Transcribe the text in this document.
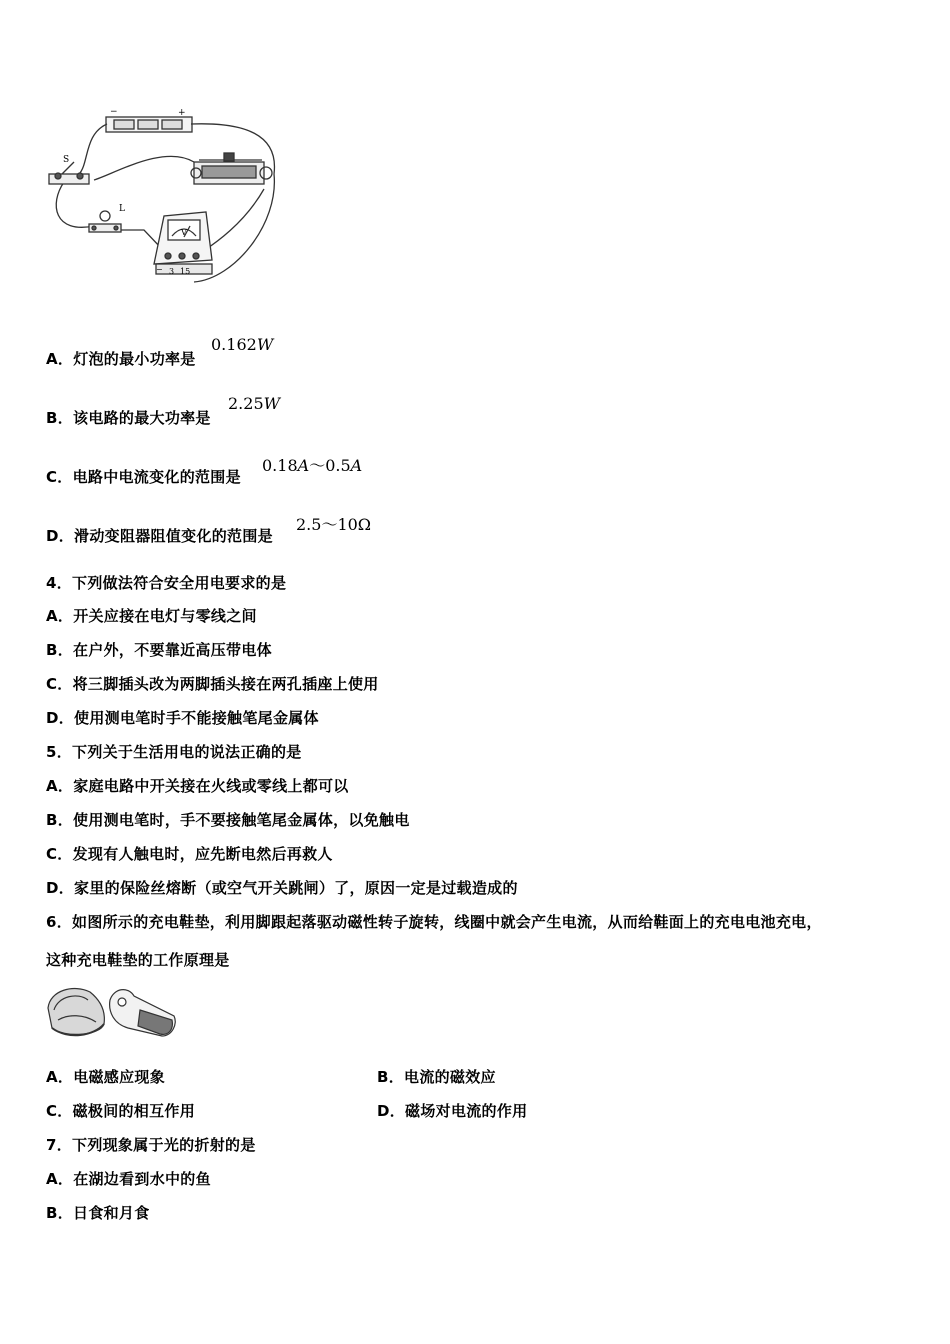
−	+
S
L
V
− 3 15
A．灯泡的最小功率是
0.162W
B．该电路的最大功率是
2.25W
C．电路中电流变化的范围是
0.18A～0.5A
D．滑动变阻器阻值变化的范围是
2.5～10Ω
4．下列做法符合安全用电要求的是
A．开关应接在电灯与零线之间
B．在户外，不要靠近高压带电体
C．将三脚插头改为两脚插头接在两孔插座上使用
D．使用测电笔时手不能接触笔尾金属体
5．下列关于生活用电的说法正确的是
A．家庭电路中开关接在火线或零线上都可以
B．使用测电笔时，手不要接触笔尾金属体，以免触电
C．发现有人触电时，应先断电然后再救人
D．家里的保险丝熔断（或空气开关跳闸）了，原因一定是过载造成的
6．如图所示的充电鞋垫，利用脚跟起落驱动磁性转子旋转，线圈中就会产生电流，从而给鞋面上的充电电池充电，
这种充电鞋垫的工作原理是
A．电磁感应现象	B．电流的磁效应
C．磁极间的相互作用	D．磁场对电流的作用
7．下列现象属于光的折射的是
A．在湖边看到水中的鱼
B．日食和月食
